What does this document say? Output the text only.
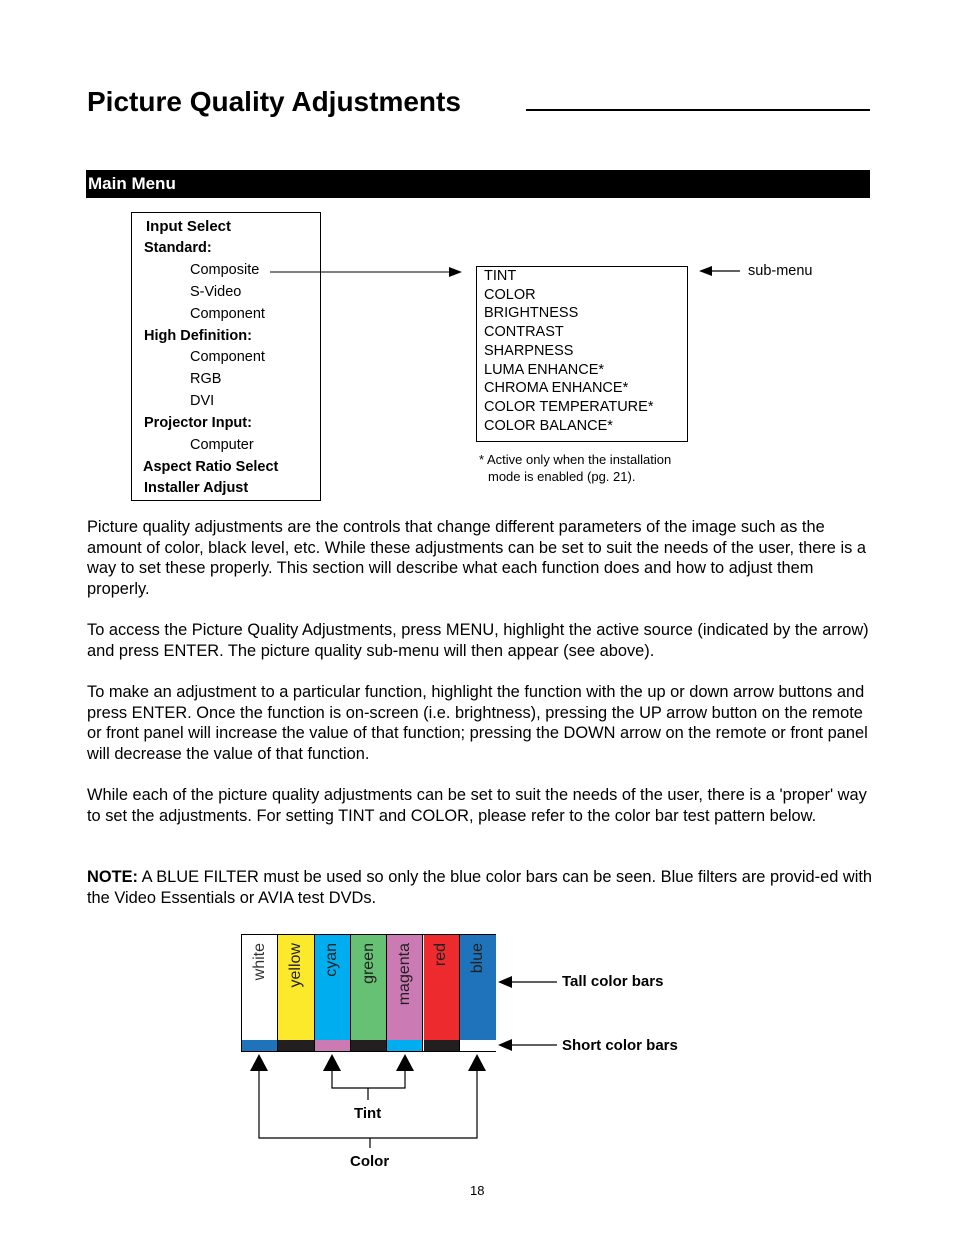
Picture Quality Adjustments
Main Menu
Input Select
Standard:
Composite
S-Video
Component
High Definition:
Component
RGB
DVI
Projector Input:
Computer
Aspect Ratio Select
Installer Adjust
TINT
COLOR
BRIGHTNESS
CONTRAST
SHARPNESS
LUMA ENHANCE*
CHROMA ENHANCE*
COLOR TEMPERATURE*
COLOR BALANCE*
sub-menu
* Active only when the installation
mode is enabled (pg. 21).
Picture quality adjustments are the controls that change different parameters of the image such as the amount of color, black level, etc. While these adjustments can be set to suit the needs of the user, there is a way to set these properly. This section will describe what each function does and how to adjust them properly.
To access the Picture Quality Adjustments, press MENU, highlight the active source (indicated by the arrow) and press ENTER. The picture quality sub-menu will then appear (see above).
To make an adjustment to a particular function, highlight the function with the up or down arrow buttons and press ENTER. Once the function is on-screen (i.e. brightness), pressing the UP arrow button on the remote or front panel will increase the value of that function; pressing the DOWN arrow on the remote or front panel will decrease the value of that function.
While each of the picture quality adjustments can be set to suit the needs of the user, there is a 'proper' way to set the adjustments. For setting TINT and COLOR, please refer to the color bar test pattern below.
NOTE: A BLUE FILTER must be used so only the blue color bars can be seen. Blue filters are provid-ed with the Video Essentials or AVIA test DVDs.
white yellow cyan green magenta red blue
Tall color bars
Short color bars
Tint
Color
18
